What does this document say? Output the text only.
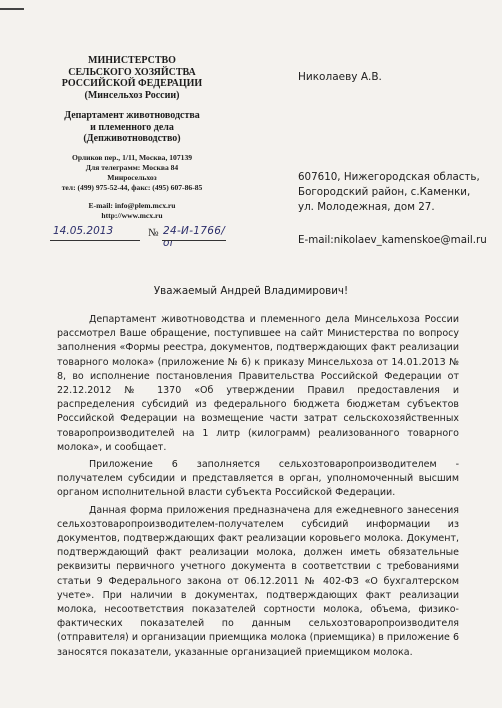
МИНИСТЕРСТВО
СЕЛЬСКОГО ХОЗЯЙСТВА
РОССИЙСКОЙ ФЕДЕРАЦИИ
(Минсельхоз России)
Департамент животноводства
и племенного дела
(Депживотноводство)
Орликов пер., 1/11, Москва, 107139
Для телеграмм: Москва 84
Минросельхоз
тел: (499) 975-52-44, факс: (495) 607-86-85
E-mail: info@plem.mcx.ru
http://www.mcx.ru
14.05.2013	№ 24-И-1766/ог
Николаеву А.В.
607610, Нижегородская область,
Богородский район, с.Каменки,
ул. Молодежная, дом 27.
E-mail:nikolaev_kamenskoe@mail.ru
Уважаемый Андрей Владимирович!

Департамент животноводства и племенного дела Минсельхоза России рассмотрел Ваше обращение, поступившее на сайт Министерства по вопросу заполнения «Формы реестра, документов, подтверждающих факт реализации товарного молока» (приложение № 6) к приказу Минсельхоза от 14.01.2013 № 8, во исполнение постановления Правительства Российской Федерации от 22.12.2012 № 1370 «Об утверждении Правил предоставления и распределения субсидий из федерального бюджета бюджетам субъектов Российской Федерации на возмещение части затрат сельскохозяйственных товаропроизводителей на 1 литр (килограмм) реализованного товарного молока», и сообщает.

Приложение 6 заполняется сельхозтоваропроизводителем - получателем субсидии и представляется в орган, уполномоченный высшим органом исполнительной власти субъекта Российской Федерации.

Данная форма приложения предназначена для ежедневного занесения сельхозтоваропроизводителем-получателем субсидий информации из документов, подтверждающих факт реализации коровьего молока. Документ, подтверждающий факт реализации молока, должен иметь обязательные реквизиты первичного учетного документа в соответствии с требованиями статьи 9 Федерального закона от 06.12.2011 № 402-ФЗ «О бухгалтерском учете». При наличии в документах, подтверждающих факт реализации молока, несоответствия показателей сортности молока, объема, физико-фактических показателей по данным сельхозтоваропроизводителя (отправителя) и организации приемщика молока (приемщика) в приложение 6 заносятся показатели, указанные организацией приемщиком молока.
